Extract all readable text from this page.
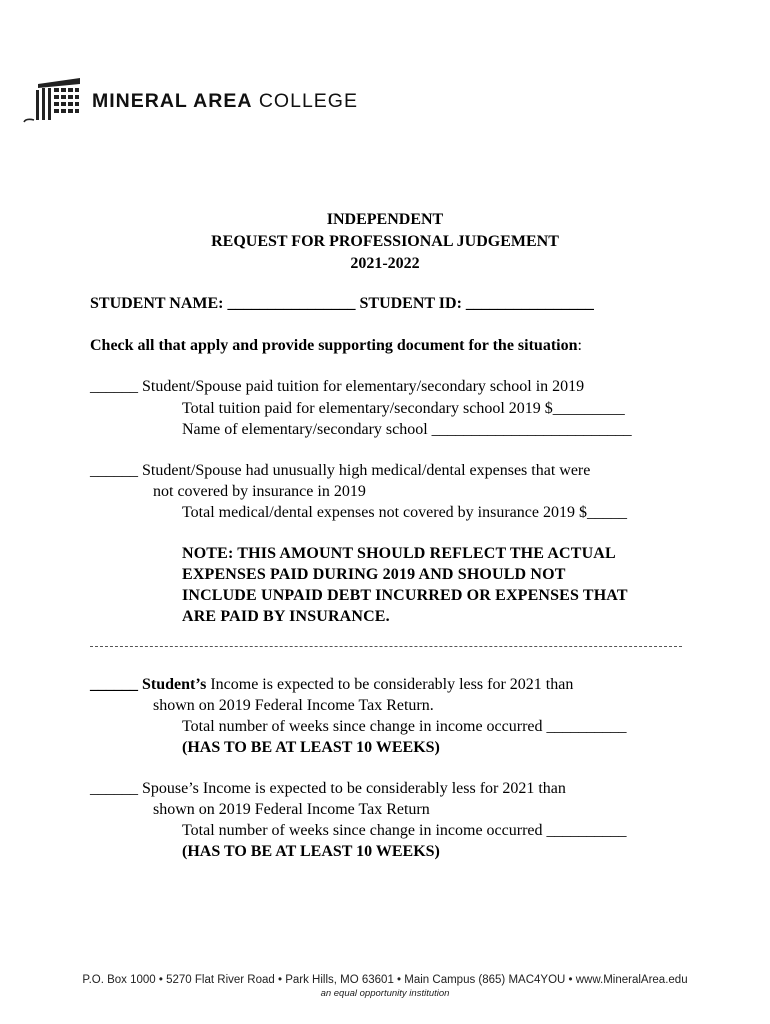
MINERAL AREA COLLEGE
INDEPENDENT
REQUEST FOR PROFESSIONAL JUDGEMENT
2021-2022
STUDENT NAME: ________________ STUDENT ID: ________________
Check all that apply and provide supporting document for the situation:
______ Student/Spouse paid tuition for elementary/secondary school in 2019
Total tuition paid for elementary/secondary school 2019 $_________
Name of elementary/secondary school _________________________
______ Student/Spouse had unusually high medical/dental expenses that were
not covered by insurance in 2019
Total medical/dental expenses not covered by insurance 2019 $_____
NOTE: THIS AMOUNT SHOULD REFLECT THE ACTUAL
EXPENSES PAID DURING 2019 AND SHOULD NOT
INCLUDE UNPAID DEBT INCURRED OR EXPENSES THAT
ARE PAID BY INSURANCE.
______ Student’s Income is expected to be considerably less for 2021 than
shown on 2019 Federal Income Tax Return.
Total number of weeks since change in income occurred __________
(HAS TO BE AT LEAST 10 WEEKS)
______ Spouse’s Income is expected to be considerably less for 2021 than
shown on 2019 Federal Income Tax Return
Total number of weeks since change in income occurred __________
(HAS TO BE AT LEAST 10 WEEKS)
P.O. Box 1000 • 5270 Flat River Road • Park Hills, MO 63601 • Main Campus (865) MAC4YOU • www.MineralArea.edu
an equal opportunity institution
